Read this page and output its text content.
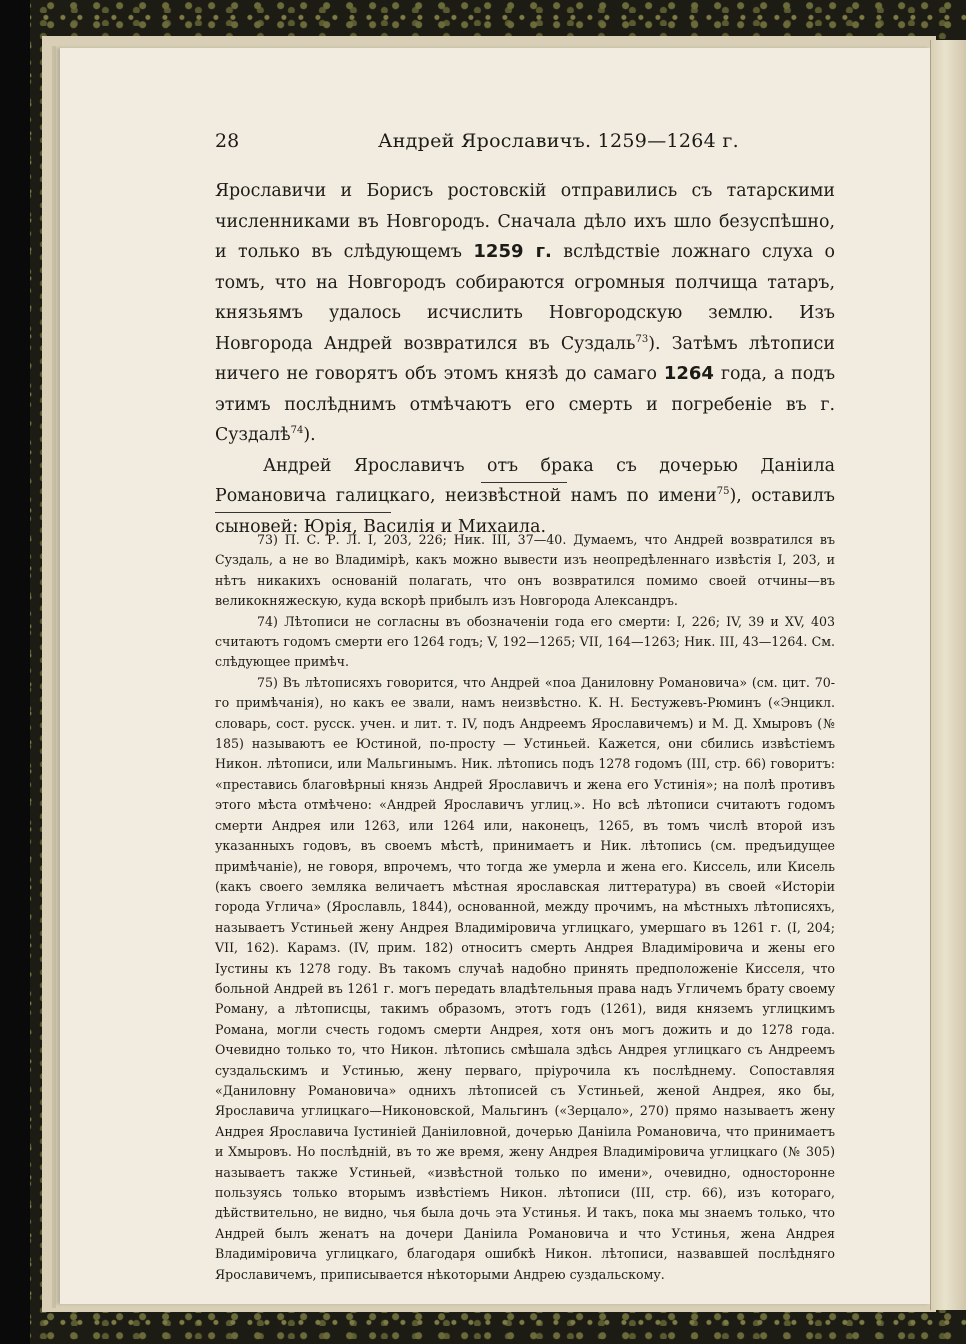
28	Андрей Ярославичъ. 1259—1264 г.

Ярославичи и Борисъ ростовскій отправились съ татарскими численниками въ Новгородъ. Сначала дѣло ихъ шло безуспѣшно, и только въ слѣдующемъ 1259 г. вслѣдствіе ложнаго слуха о томъ, что на Новгородъ собираются огромныя полчища татаръ, князьямъ удалось исчислить Новгородскую землю. Изъ Новгорода Андрей возвратился въ Суздаль$^{73}$). Затѣмъ лѣтописи ничего не говорятъ объ этомъ князѣ до самаго 1264 года, а подъ этимъ послѣднимъ отмѣчаютъ его смерть и погребеніе въ г. Суздалѣ$^{74}$).

Андрей Ярославичъ отъ брака съ дочерью Даніила Романовича галицкаго, неизвѣстной намъ по имени$^{75}$), оставилъ сыновей: Юрія, Василія и Михаила.

73) П. С. Р. Л. I, 203, 226; Ник. III, 37—40. Думаемъ, что Андрей возвратился въ Суздаль, а не во Владимірѣ, какъ можно вывести изъ неопредѣленнаго извѣстія I, 203, и нѣтъ никакихъ основаній полагать, что онъ возвратился помимо своей отчины—въ великокняжескую, куда вскорѣ прибылъ изъ Новгорода Александръ.

74) Лѣтописи не согласны въ обозначеніи года его смерти: I, 226; IV, 39 и XV, 403 считаютъ годомъ смерти его 1264 годъ; V, 192—1265; VII, 164—1263; Ник. III, 43—1264. См. слѣдующее примѣч.

75) Въ лѣтописяхъ говорится, что Андрей «поа Даниловну Романовича» (см. цит. 70-го примѣчанія), но какъ ее звали, намъ неизвѣстно. К. Н. Бестужевъ-Рюминъ («Энцикл. словарь, сост. русск. учен. и лит. т. IV, подъ Андреемъ Ярославичемъ) и М. Д. Хмыровъ (№ 185) называютъ ее Юстиной, по-просту — Устиньей. Кажется, они сбились извѣстіемъ Никон. лѣтописи, или Мальгинымъ. Ник. лѣтопись подъ 1278 годомъ (III, стр. 66) говоритъ: «преставись благовѣрныі князь Андрей Ярославичъ и жена его Устинія»; на полѣ противъ этого мѣста отмѣчено: «Андрей Ярославичъ углиц.». Но всѣ лѣтописи считаютъ годомъ смерти Андрея или 1263, или 1264 или, наконецъ, 1265, въ томъ числѣ второй изъ указанныхъ годовъ, въ своемъ мѣстѣ, принимаетъ и Ник. лѣтопись (см. предъидущее примѣчаніе), не говоря, впрочемъ, что тогда же умерла и жена его. Киссель, или Кисель (какъ своего земляка величаетъ мѣстная ярославская литтература) въ своей «Исторіи города Углича» (Ярославль, 1844), основанной, между прочимъ, на мѣстныхъ лѣтописяхъ, называетъ Устиньей жену Андрея Владиміровича углицкаго, умершаго въ 1261 г. (I, 204; VII, 162). Карамз. (IV, прим. 182) относитъ смерть Андрея Владиміровича и жены его Іустины къ 1278 году. Въ такомъ случаѣ надобно принять предположеніе Кисселя, что больной Андрей въ 1261 г. могъ передать владѣтельныя права надъ Угличемъ брату своему Роману, а лѣтописцы, такимъ образомъ, этотъ годъ (1261), видя княземъ углицкимъ Романа, могли счесть годомъ смерти Андрея, хотя онъ могъ дожить и до 1278 года. Очевидно только то, что Никон. лѣтопись смѣшала здѣсь Андрея углицкаго съ Андреемъ суздальскимъ и Устинью, жену перваго, пріурочила къ послѣднему. Сопоставляя «Даниловну Романовича» однихъ лѣтописей съ Устиньей, женой Андрея, яко бы, Ярославича углицкаго—Никоновской, Мальгинъ («Зерцало», 270) прямо называетъ жену Андрея Ярославича Іустиніей Даніиловной, дочерью Даніила Романовича, что принимаетъ и Хмыровъ. Но послѣдній, въ то же время, жену Андрея Владиміровича углицкаго (№ 305) называетъ также Устиньей, «извѣстной только по имени», очевидно, односторонне пользуясь только вторымъ извѣстіемъ Никон. лѣтописи (III, стр. 66), изъ котораго, дѣйствительно, не видно, чья была дочь эта Устинья. И такъ, пока мы знаемъ только, что Андрей былъ женатъ на дочери Даніила Романовича и что Устинья, жена Андрея Владиміровича углицкаго, благодаря ошибкѣ Никон. лѣтописи, назвавшей послѣдняго Ярославичемъ, приписывается нѣкоторыми Андрею суздальскому.
